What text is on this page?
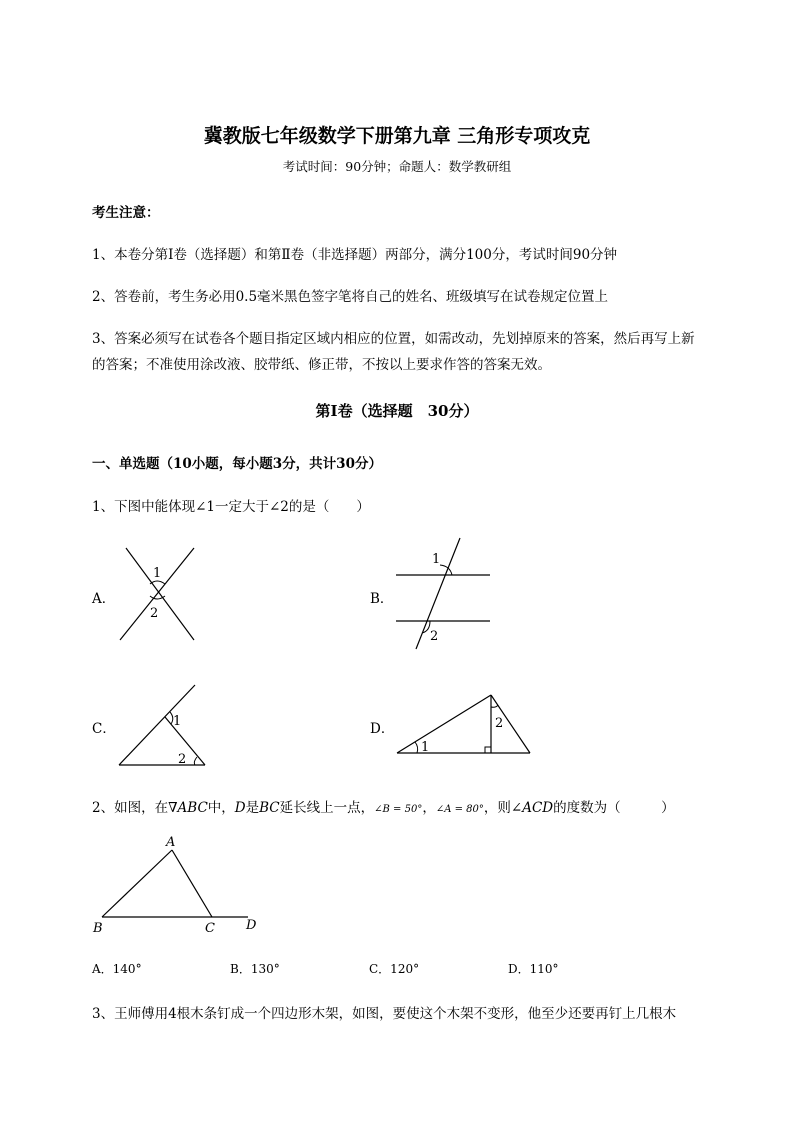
冀教版七年级数学下册第九章 三角形专项攻克
考试时间：90分钟；命题人：数学教研组
考生注意：
1、本卷分第Ⅰ卷（选择题）和第Ⅱ卷（非选择题）两部分，满分100分，考试时间90分钟
2、答卷前，考生务必用0.5毫米黑色签字笔将自己的姓名、班级填写在试卷规定位置上
3、答案必须写在试卷各个题目指定区域内相应的位置，如需改动，先划掉原来的答案，然后再写上新
的答案；不准使用涂改液、胶带纸、修正带，不按以上要求作答的答案无效。
第Ⅰ卷（选择题　30分）
一、单选题（10小题，每小题3分，共计30分）
1、下图中能体现∠1一定大于∠2的是（　　）
A．	B．
C．	D．
1
2
1
2
1
2
1
2
2、如图，在∇ABC中，D是BC延长线上一点，∠B = 50°，∠A = 80°，则∠ACD的度数为（　　　）
A
B	C D
A．140°	B．130°	C．120°	D．110°
3、王师傅用4根木条钉成一个四边形木架，如图，要使这个木架不变形，他至少还要再钉上几根木
